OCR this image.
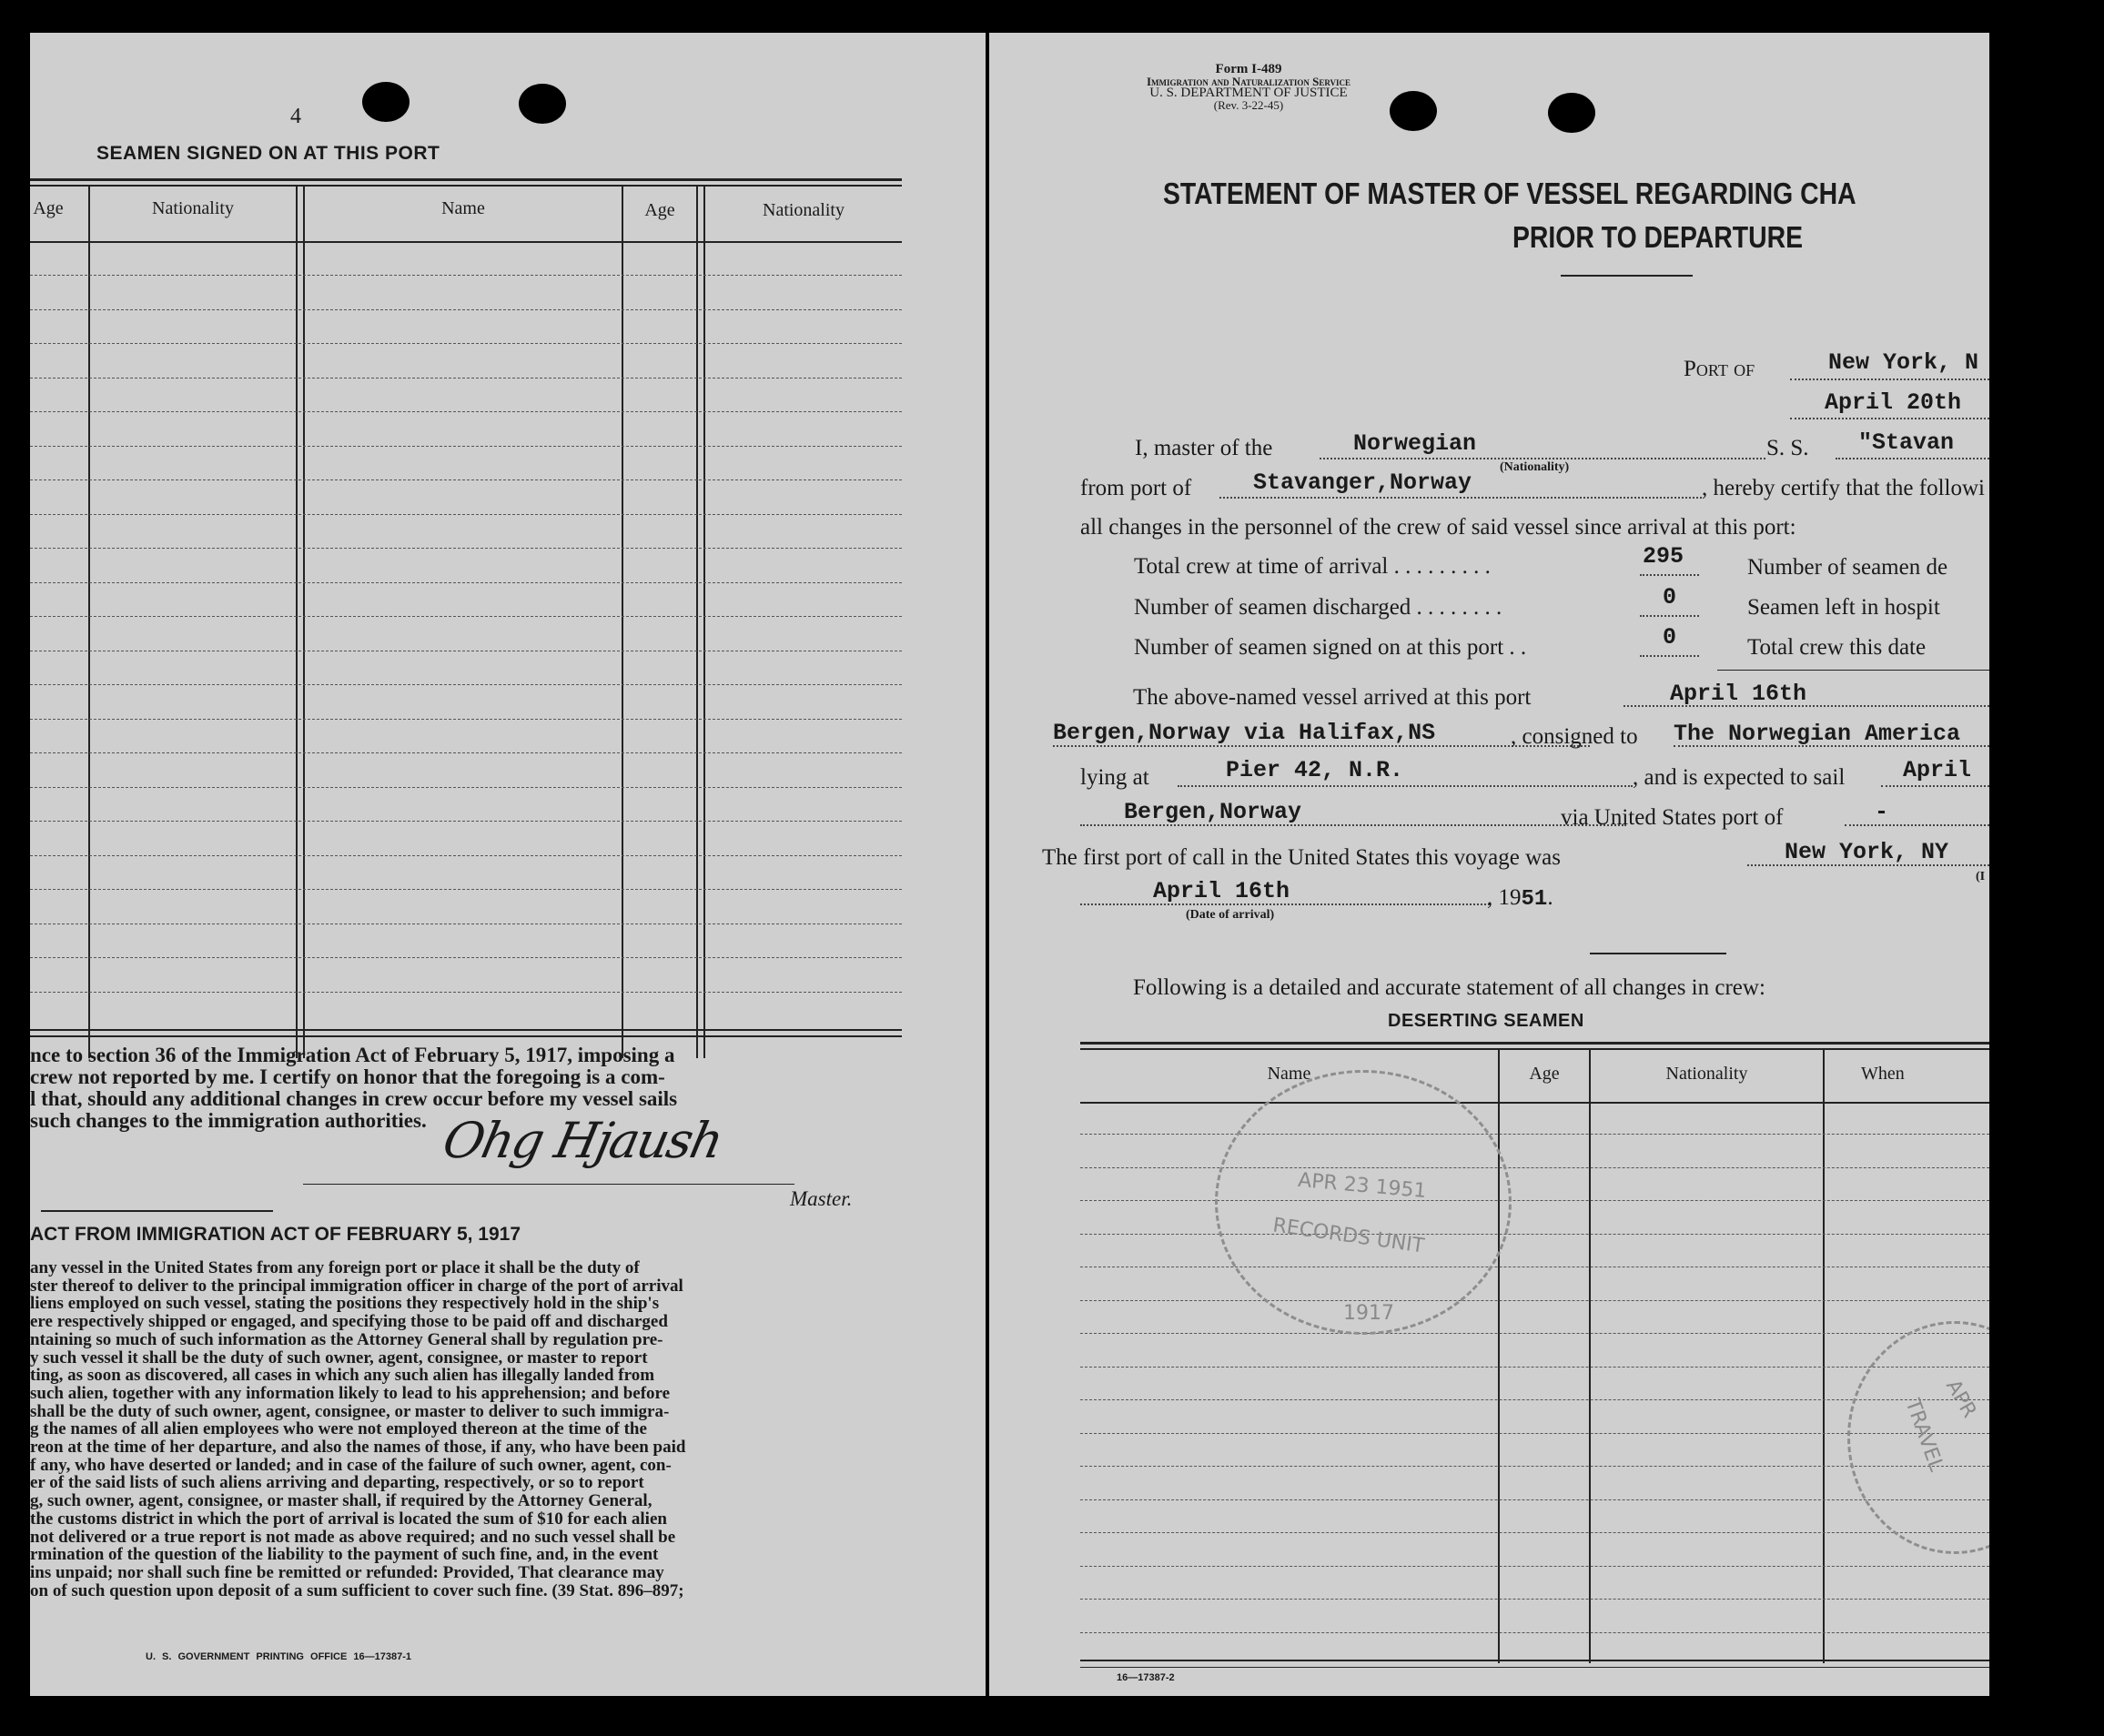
4
SEAMEN SIGNED ON AT THIS PORT
Age	Nationality	Name	Age	Nationality
nce to section 36 of the Immigration Act of February 5, 1917, imposing a
crew not reported by me. I certify on honor that the foregoing is a com-
l that, should any additional changes in crew occur before my vessel sails
such changes to the immigration authorities. Ohg Hjaush
Master.
ACT FROM IMMIGRATION ACT OF FEBRUARY 5, 1917
any vessel in the United States from any foreign port or place it shall be the duty of
ster thereof to deliver to the principal immigration officer in charge of the port of arrival
liens employed on such vessel, stating the positions they respectively hold in the ship's
ere respectively shipped or engaged, and specifying those to be paid off and discharged
ntaining so much of such information as the Attorney General shall by regulation pre-
y such vessel it shall be the duty of such owner, agent, consignee, or master to report
ting, as soon as discovered, all cases in which any such alien has illegally landed from
such alien, together with any information likely to lead to his apprehension; and before
shall be the duty of such owner, agent, consignee, or master to deliver to such immigra-
g the names of all alien employees who were not employed thereon at the time of the
reon at the time of her departure, and also the names of those, if any, who have been paid
f any, who have deserted or landed; and in case of the failure of such owner, agent, con-
er of the said lists of such aliens arriving and departing, respectively, or so to report
g, such owner, agent, consignee, or master shall, if required by the Attorney General,
the customs district in which the port of arrival is located the sum of $10 for each alien
not delivered or a true report is not made as above required; and no such vessel shall be
rmination of the question of the liability to the payment of such fine, and, in the event
ins unpaid; nor shall such fine be remitted or refunded: Provided, That clearance may
on of such question upon deposit of a sum sufficient to cover such fine. (39 Stat. 896–897;
U. S. GOVERNMENT PRINTING OFFICE 16—17387-1
Form I-489
Immigration and Naturalization Service
U. S. DEPARTMENT OF JUSTICE
(Rev. 3-22-45)
STATEMENT OF MASTER OF VESSEL REGARDING CHA
PRIOR TO DEPARTURE
Port of	New York, N
April 20th
I, master of the	Norwegian
(Nationality)
S. S. "Stavan
from port of	Stavanger,Norway	, hereby certify that the followi
all changes in the personnel of the crew of said vessel since arrival at this port:
Total crew at time of arrival . . . . . . . . .	295	Number of seamen de
Number of seamen discharged . . . . . . . .	0	Seamen left in hospit
Number of seamen signed on at this port . .	0	Total crew this date
The above-named vessel arrived at this port	April 16th
Bergen,Norway via Halifax,NS	, consigned to The Norwegian America
lying at	Pier 42, N.R.	, and is expected to sail	April
Bergen,Norway	via United States port of	-
The first port of call in the United States this voyage was	New York, NY
(I
April 16th	, 1951.
(Date of arrival)
Following is a detailed and accurate statement of all changes in crew:
DESERTING SEAMEN
Name	Age	Nationality	When
APR 23 1951
RECORDS UNIT
1917
APR
TRAVEL
16—17387-2
